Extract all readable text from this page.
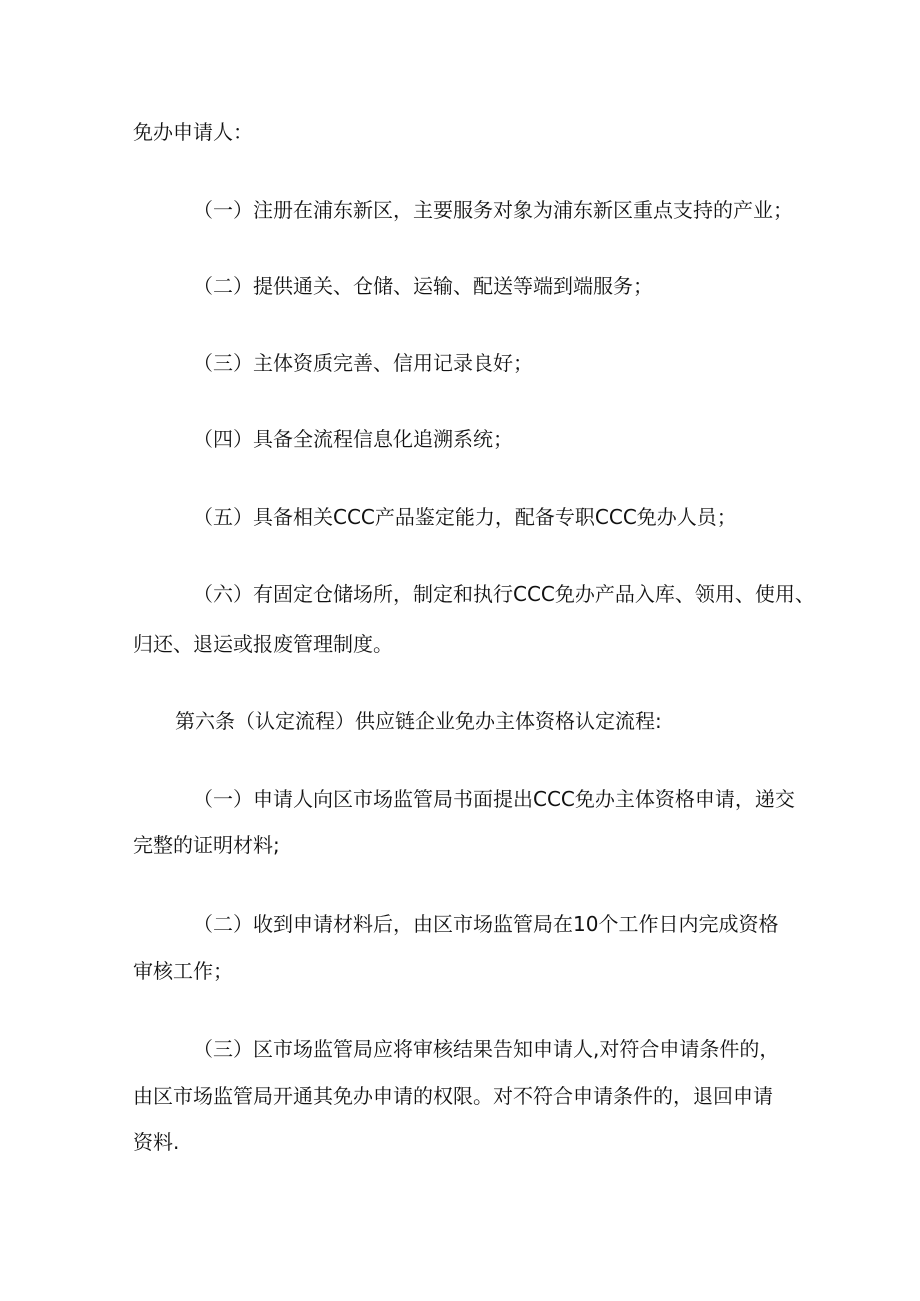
免办申请人：
（一）注册在浦东新区，主要服务对象为浦东新区重点支持的产业；
（二）提供通关、仓储、运输、配送等端到端服务；
（三）主体资质完善、信用记录良好；
（四）具备全流程信息化追溯系统；
（五）具备相关CCC产品鉴定能力，配备专职CCC免办人员；
（六）有固定仓储场所，制定和执行CCC免办产品入库、领用、使用、
归还、退运或报废管理制度。
第六条（认定流程）供应链企业免办主体资格认定流程:
（一）申请人向区市场监管局书面提出CCC免办主体资格申请，递交
完整的证明材料;
（二）收到申请材料后，由区市场监管局在10个工作日内完成资格
审核工作；
（三）区市场监管局应将审核结果告知申请人,对符合申请条件的，
由区市场监管局开通其免办申请的权限。对不符合申请条件的，退回申请
资料.
